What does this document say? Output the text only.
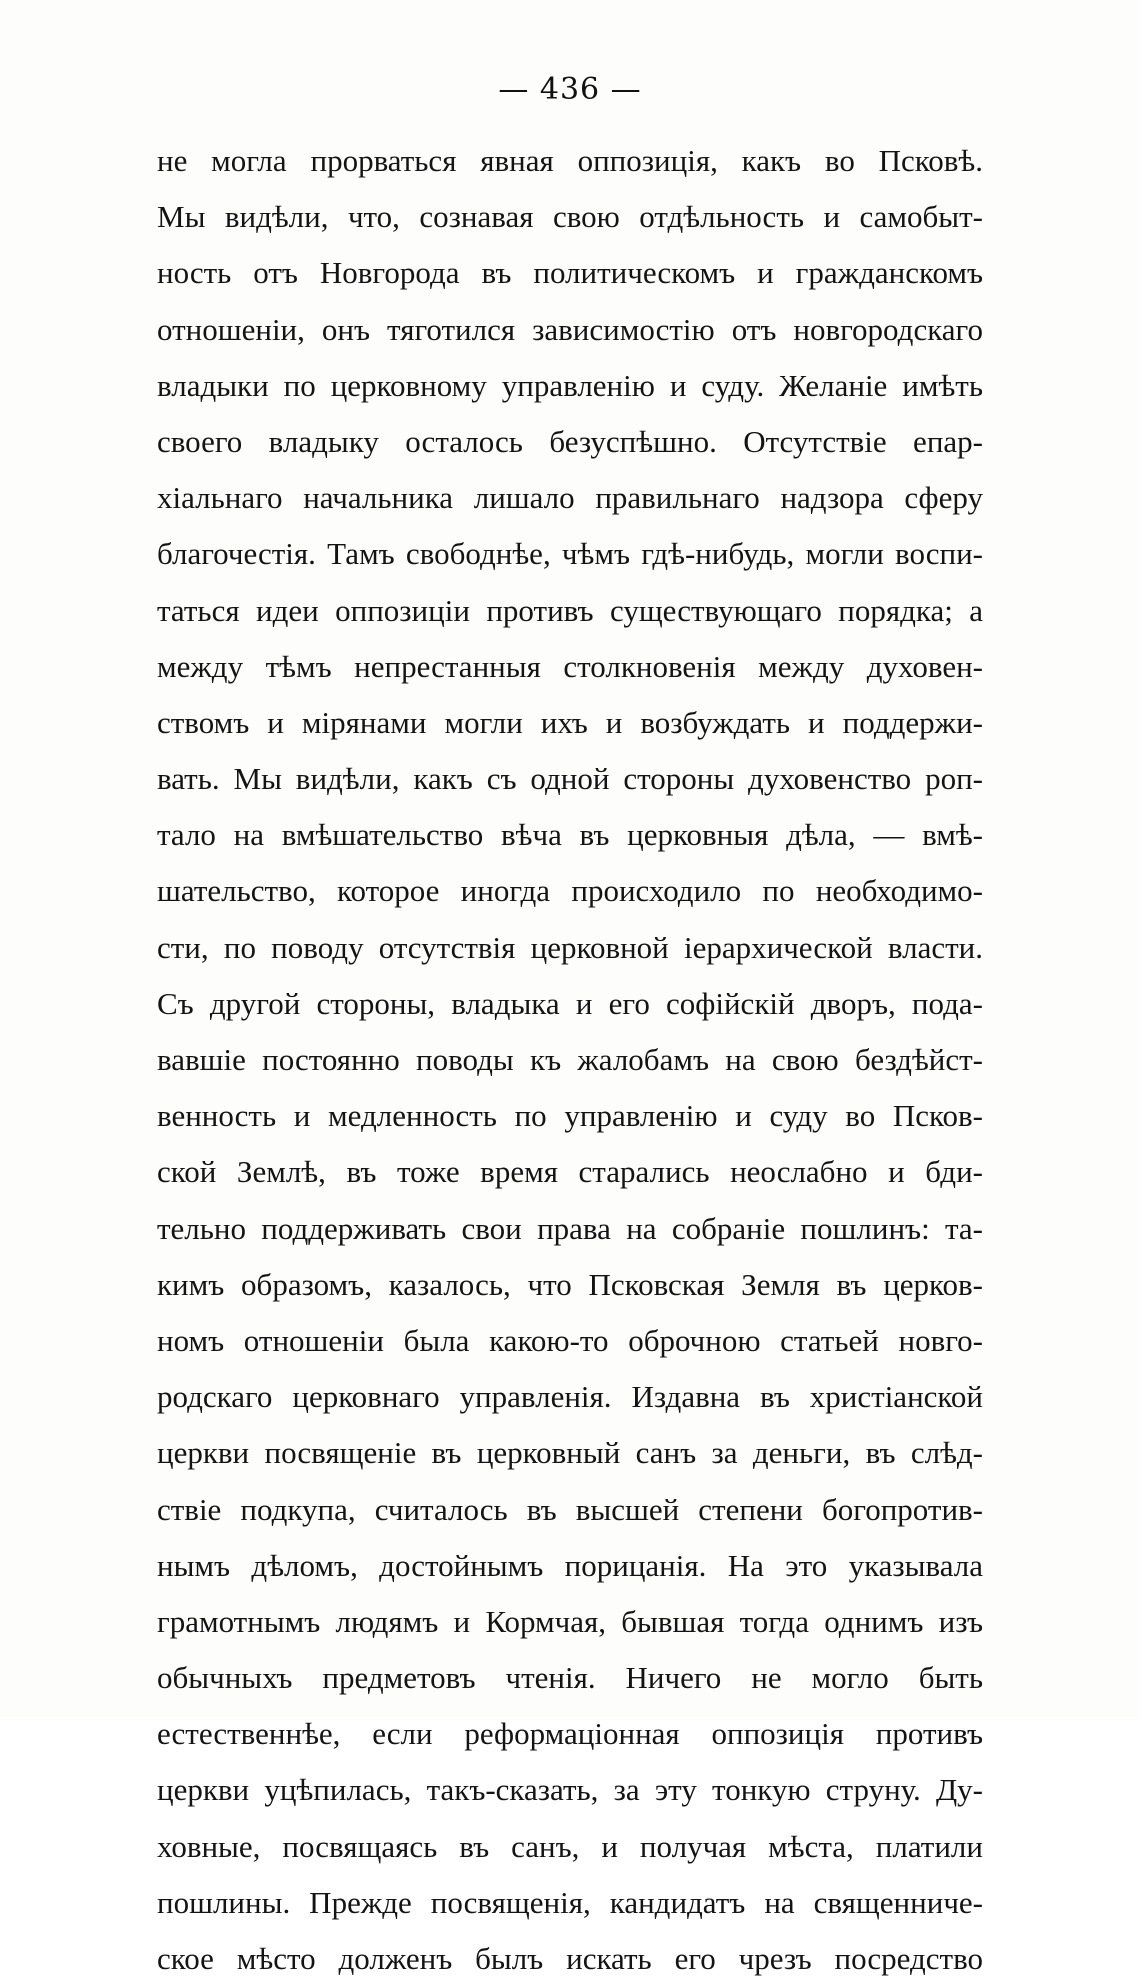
— 436 —
не могла прорваться явная оппозиція, какъ во Псковѣ.
Мы видѣли, что, сознавая свою отдѣльность и самобыт-
ность отъ Новгорода въ политическомъ и гражданскомъ
отношеніи, онъ тяготился зависимостію отъ новгородскаго
владыки по церковному управленію и суду. Желаніе имѣть
своего владыку осталось безуспѣшно. Отсутствіе епар-
хіальнаго начальника лишало правильнаго надзора сферу
благочестія. Тамъ свободнѣе, чѣмъ гдѣ-нибудь, могли воспи-
таться идеи оппозиціи противъ существующаго порядка; а
между тѣмъ непрестанныя столкновенія между духовен-
ствомъ и мірянами могли ихъ и возбуждать и поддержи-
вать. Мы видѣли, какъ съ одной стороны духовенство роп-
тало на вмѣшательство вѣча въ церковныя дѣла, — вмѣ-
шательство, которое иногда происходило по необходимо-
сти, по поводу отсутствія церковной іерархической власти.
Съ другой стороны, владыка и его софійскій дворъ, пода-
вавшіе постоянно поводы къ жалобамъ на свою бездѣйст-
венность и медленность по управленію и суду во Псков-
ской Землѣ, въ тоже время старались неослабно и бди-
тельно поддерживать свои права на собраніе пошлинъ: та-
кимъ образомъ, казалось, что Псковская Земля въ церков-
номъ отношеніи была какою-то оброчною статьей новго-
родскаго церковнаго управленія. Издавна въ христіанской
церкви посвященіе въ церковный санъ за деньги, въ слѣд-
ствіе подкупа, считалось въ высшей степени богопротив-
нымъ дѣломъ, достойнымъ порицанія. На это указывала
грамотнымъ людямъ и Кормчая, бывшая тогда однимъ изъ
обычныхъ предметовъ чтенія. Ничего не могло быть
естественнѣе, если реформаціонная оппозиція противъ
церкви уцѣпилась, такъ-сказать, за эту тонкую струну. Ду-
ховные, посвящаясь въ санъ, и получая мѣста, платили
пошлины. Прежде посвященія, кандидатъ на священниче-
ское мѣсто долженъ былъ искать его чрезъ посредство
